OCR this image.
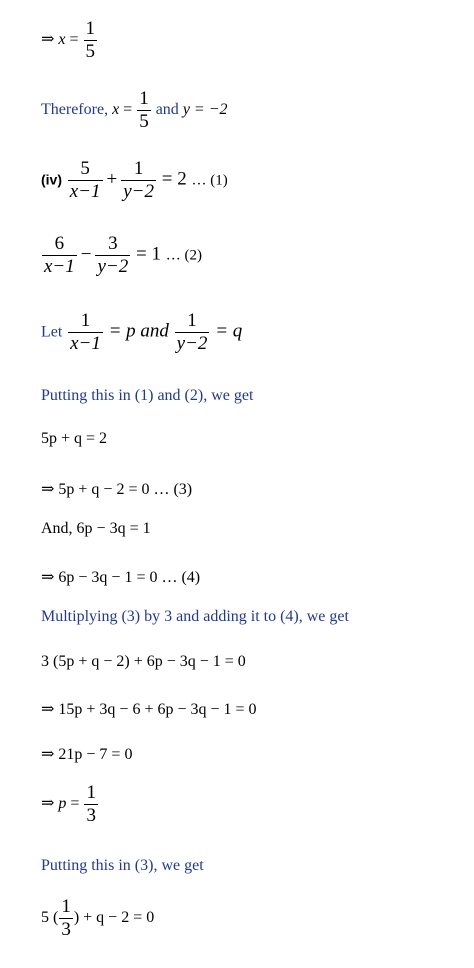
⇒ $x = \frac{1}{5}$
Therefore, $x = \frac{1}{5}$ and y = −2
$(iv) \frac{5}{x-1} + \frac{1}{y-2} = 2$ … (1)
$\frac{6}{x-1} - \frac{3}{y-2} = 1$ … (2)
Let $\frac{1}{x-1} = p$ and $\frac{1}{y-2} = q$
Putting this in (1) and (2), we get
5p + q = 2
⇒ 5p + q − 2 = 0 … (3)
And, 6p − 3q = 1
⇒ 6p − 3q − 1 = 0 … (4)
Multiplying (3) by 3 and adding it to (4), we get
3 (5p + q − 2) + 6p − 3q − 1 = 0
⇒ 15p + 3q − 6 + 6p − 3q − 1 = 0
⇒ 21p − 7 = 0
⇒ $p = \frac{1}{3}$
Putting this in (3), we get
5 ( $\frac{1}{3}$ ) + q − 2 = 0
